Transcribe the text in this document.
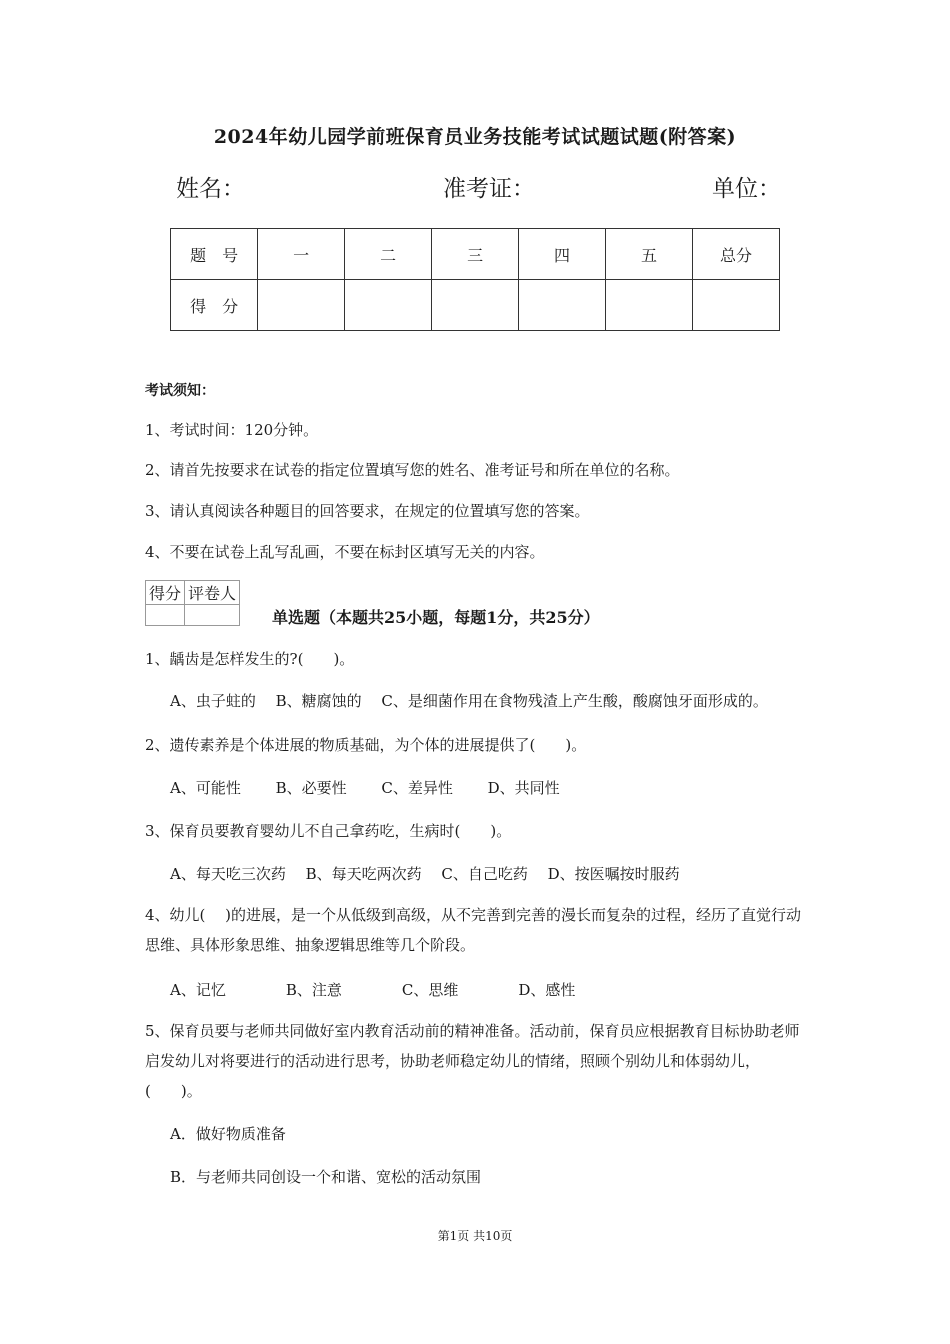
2024年幼儿园学前班保育员业务技能考试试题试题(附答案)
姓名：	准考证：	单位：
题　号	一	二	三	四	五	总分
得　分						
考试须知：
1、考试时间：120分钟。
2、请首先按要求在试卷的指定位置填写您的姓名、准考证号和所在单位的名称。
3、请认真阅读各种题目的回答要求，在规定的位置填写您的答案。
4、不要在试卷上乱写乱画，不要在标封区填写无关的内容。
得分	评卷人

单选题（本题共25小题，每题1分，共25分）
1、龋齿是怎样发生的?(　　)。
A、虫子蛀的　 B、糖腐蚀的　 C、是细菌作用在食物残渣上产生酸，酸腐蚀牙面形成的。
2、遗传素养是个体进展的物质基础，为个体的进展提供了(　　)。
A、可能性　　 B、必要性　　 C、差异性　　 D、共同性
3、保育员要教育婴幼儿不自己拿药吃，生病时(　　)。
A、每天吃三次药　 B、每天吃两次药　 C、自己吃药　 D、按医嘱按时服药
4、幼儿(　 )的进展，是一个从低级到高级，从不完善到完善的漫长而复杂的过程，经历了直觉行动思维、具体形象思维、抽象逻辑思维等几个阶段。
A、记忆　　　　B、注意　　　　C、思维　　　　D、感性
5、保育员要与老师共同做好室内教育活动前的精神准备。活动前，保育员应根据教育目标协助老师启发幼儿对将要进行的活动进行思考，协助老师稳定幼儿的情绪，照顾个别幼儿和体弱幼儿，(　　)。
A．做好物质准备
B．与老师共同创设一个和谐、宽松的活动氛围
第1页 共10页
